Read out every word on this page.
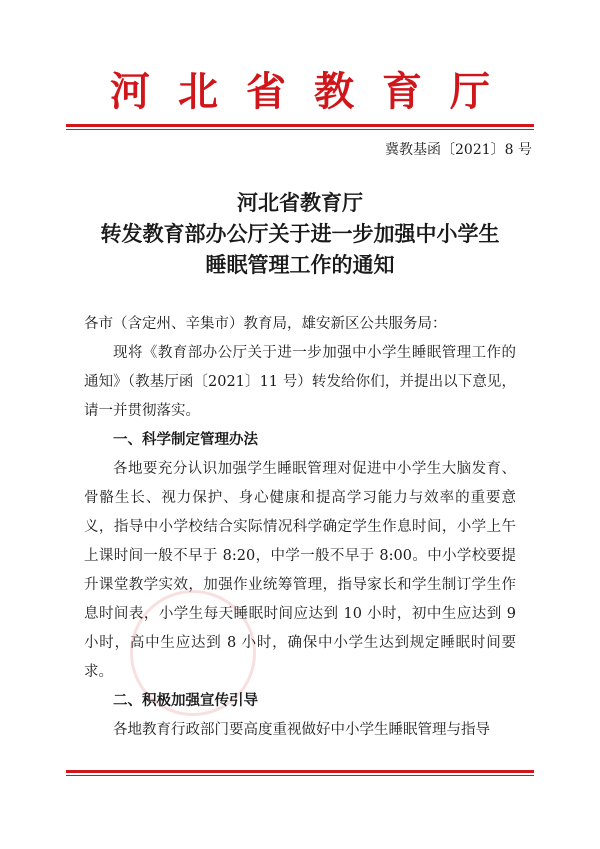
河北省教育厅
冀教基函〔2021〕8 号
河北省教育厅
转发教育部办公厅关于进一步加强中小学生
睡眠管理工作的通知

各市（含定州、辛集市）教育局，雄安新区公共服务局：

现将《教育部办公厅关于进一步加强中小学生睡眠管理工作的通知》（教基厅函〔2021〕11 号）转发给你们，并提出以下意见，请一并贯彻落实。

一、科学制定管理办法

各地要充分认识加强学生睡眠管理对促进中小学生大脑发育、骨骼生长、视力保护、身心健康和提高学习能力与效率的重要意义，指导中小学校结合实际情况科学确定学生作息时间，小学上午上课时间一般不早于 8:20，中学一般不早于 8:00。中小学校要提升课堂教学实效，加强作业统筹管理，指导家长和学生制订学生作息时间表，小学生每天睡眠时间应达到 10 小时，初中生应达到 9 小时，高中生应达到 8 小时，确保中小学生达到规定睡眠时间要求。

二、积极加强宣传引导

各地教育行政部门要高度重视做好中小学生睡眠管理与指导
